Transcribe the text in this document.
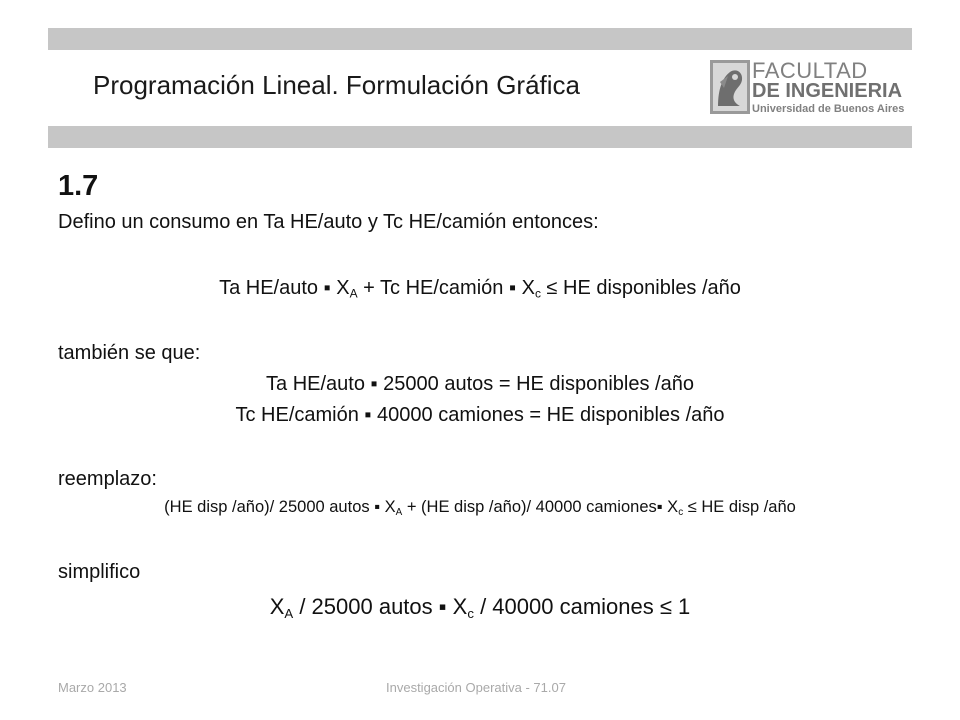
Programación Lineal. Formulación Gráfica	FACULTAD
DE INGENIERIA
Universidad de Buenos Aires
1.7
Defino un consumo en Ta HE/auto y Tc HE/camión entonces:
Ta HE/auto ▪ $X_A + Tc$ HE/camión ▪ $X_c$ ≤ HE disponibles /año
también se que:
Ta HE/auto ▪ 25000 autos = HE disponibles /año
Tc HE/camión ▪ 40000 camiones = HE disponibles /año
reemplazo:
(HE disp /año)/ 25000 autos ▪ $X_A + (HE$ disp /año)/ 40000 camiones▪ $X_c$ ≤ HE disp /año
simplifico
$X_A / 25000$ autos ▪ $X_c / 40000$ camiones ≤ 1
Marzo 2013	Investigación Operativa - 71.07
